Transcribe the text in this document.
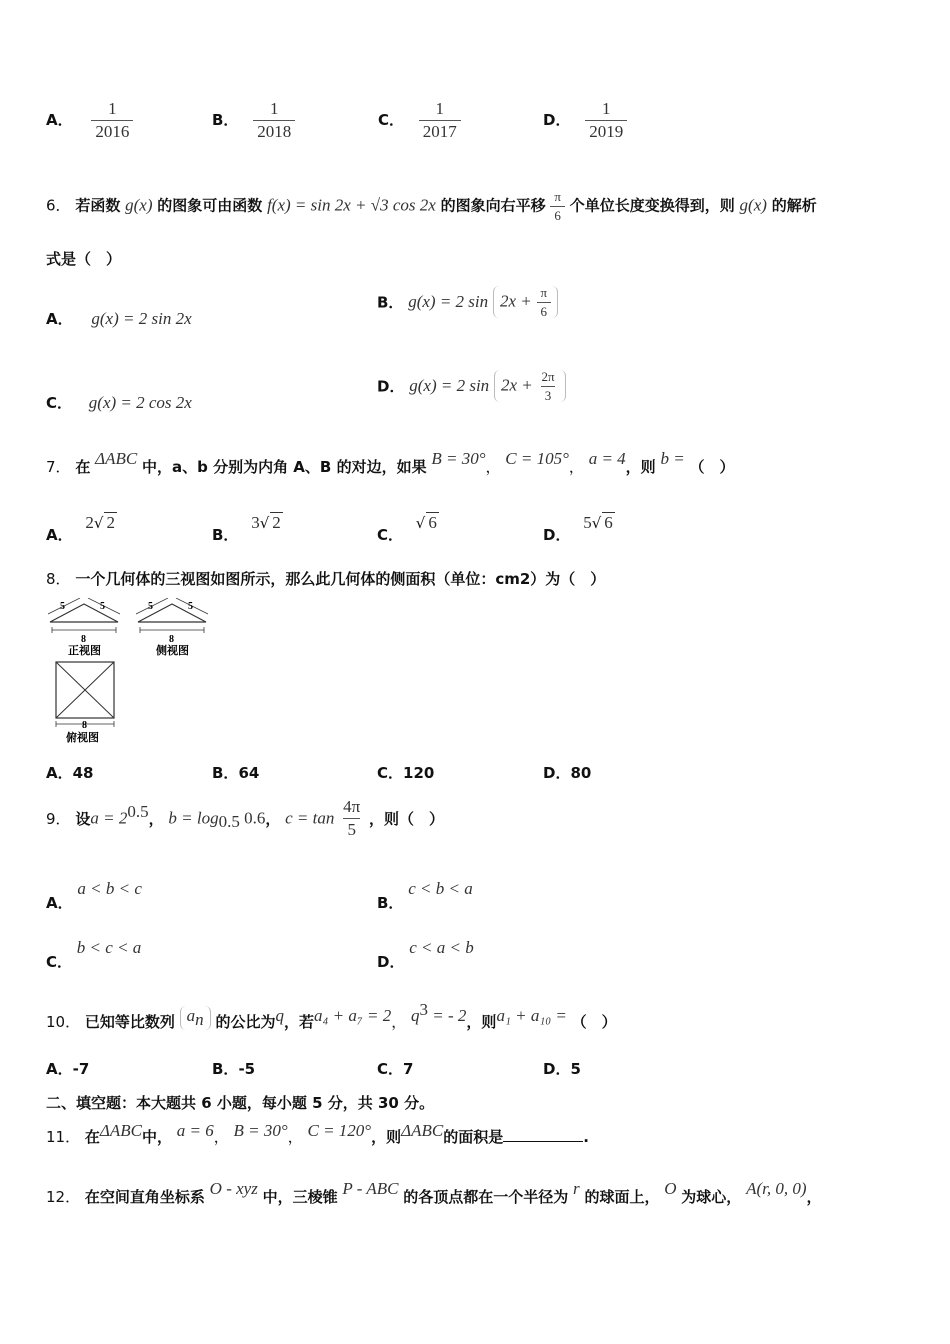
A． $\frac{1}{2016}$	B． $\frac{1}{2018}$	C． $\frac{1}{2017}$	D． $\frac{1}{2019}$
6． 若函数 g(x) 的图象可由函数 f(x) = sin 2x + √3 cos 2x 的图象向右平移 $\frac{\pi}{6}$ 个单位长度变换得到，则 g(x) 的解析
式是（　）
A． g(x) = 2 sin 2x
B． g(x) = 2 $\sin 2x + \frac{\pi}{6}$
C． g(x) = 2 cos 2x
D． g(x) = 2 $\sin 2x + \frac{2\pi}{3}$
7． 在 ΔABC 中，a、b 分别为内角 A、B 的对边，如果 B = 30°， C = 105°， a = 4，则 b = （　）
A． 2√ 2
B． 3√ 2
C． √ 6
D． 5√ 6
8． 一个几何体的三视图如图所示，那么此几何体的侧面积（单位：cm2）为（　）
5	5
8
正视图
5	5
8
侧视图
8
俯视图
A．48	B．64	C．120	D．80
9． 设$a = 2^{0.5}$， $b = \log_{0.5} 0.6$， $c = \tan \frac{4\pi}{5}$ ，则（　）
A． a < b < c
B． c < b < a
C． b < c < a
D． c < a < b
10． 已知等比数列 $a_n$ 的公比为q，若a₄ + a₇ = 2， $q^3$ = - 2，则a₁ + a₁₀ = （　）
A．-7	B．-5	C．7	D．5
二、填空题：本大题共 6 小题，每小题 5 分，共 30 分。
11． 在ΔABC中， a = 6， B = 30°， C = 120°，则ΔABC的面积是	.
12． 在空间直角坐标系 O - xyz 中，三棱锥 P - ABC 的各顶点都在一个半径为 r 的球面上， O 为球心， A(r, 0, 0)，
